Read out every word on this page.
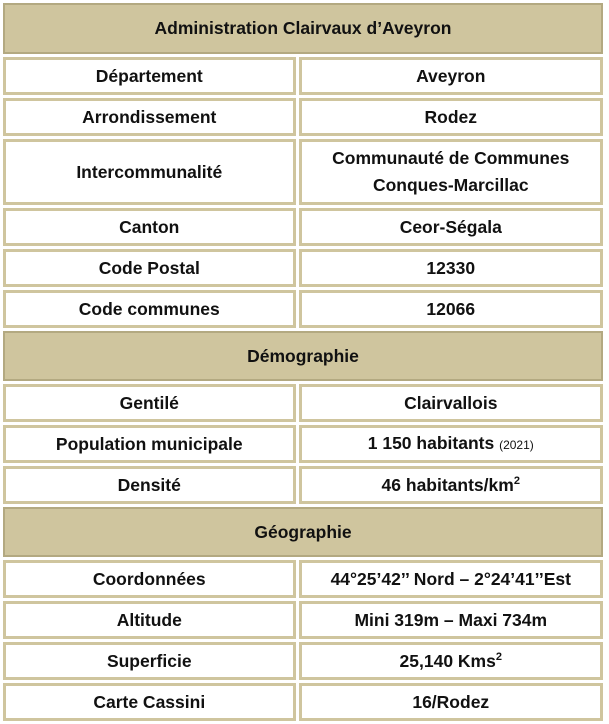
Administration Clairvaux d’Aveyron	
Département	Aveyron
Arrondissement	Rodez
Intercommunalité	Communauté de Communes
Conques-Marcillac
Canton	Ceor-Ségala
Code Postal	12330
Code communes	12066
Démographie	
Gentilé	Clairvallois
Population municipale	1 150 habitants (2021)
Densité	46 habitants/$km^2$
Géographie	
Coordonnées	44°25’42’’ Nord – 2°24’41’’Est
Altitude	Mini 319m – Maxi 734m
Superficie	25,140 Kms$^2$
Carte Cassini	16/Rodez
